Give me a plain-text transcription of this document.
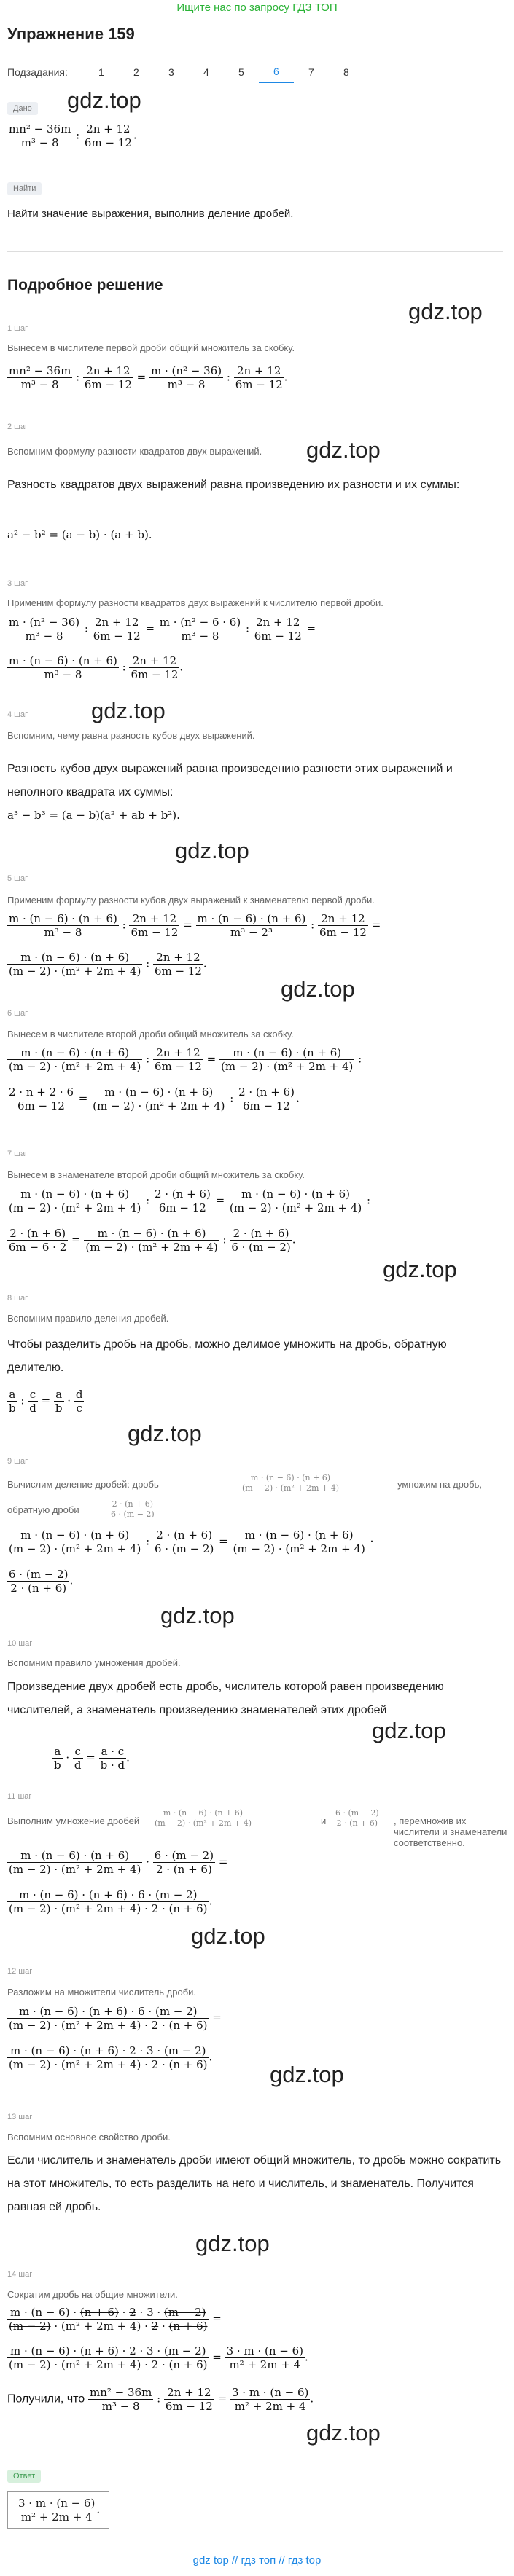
Ищите нас по запросу ГДЗ ТОП
Упражнение 159
Подзадания:	1	2	3	4	5	6	7	8
gdz.top
Дано
$\frac{\text{mn² − 36m}}{\text{m³ − 8}}$ : $\frac{2n + 12}{6m - 12}$ .
Найти
Найти значение выражения, выполнив деление дробей.
Подробное решение
gdz.top
1 шаг
Вынесем в числителе первой дроби общий множитель за скобку.
$\frac{\text{mn² − 36m}}{\text{m³ − 8}}$ : $\frac{2n + 12}{6m - 12} = \frac{\text{m · (n² − 36)}}{\text{m³ − 8}}$ : $\frac{2n + 12}{6m - 12}$ .
2 шаг
Вспомним формулу разности квадратов двух выражений.	gdz.top
Разность квадратов двух выражений равна произведению их разности и их суммы:
a² − b² = (a − b) · (a + b).
3 шаг
Применим формулу разности квадратов двух выражений к числителю первой дроби.
$\frac{\text{m · (n² − 36)}}{\text{m³ − 8}}$ : $\frac{2n + 12}{6m - 12} = \frac{\text{m · (n² − 6 · 6)}}{\text{m³ − 8}}$ : $\frac{2n + 12}{6m - 12}$ =
$\frac{m \cdot (n - 6) \cdot (n + 6)}{\text{m³ − 8}}$ : $\frac{2n + 12}{6m - 12}$ .
4 шаг	gdz.top
Вспомним, чему равна разность кубов двух выражений.
Разность кубов двух выражений равна произведению разности этих выражений и неполного квадрата их суммы:
a³ − b³ = (a − b)(a² + ab + b²).
gdz.top
5 шаг
Применим формулу разности кубов двух выражений к знаменателю первой дроби.
$\frac{m \cdot (n - 6) \cdot (n + 6)}{\text{m³ − 8}}$ : $\frac{2n + 12}{6m - 12} = \frac{m \cdot (n - 6) \cdot (n + 6)}{\text{m³ − 2³}}$ : $\frac{2n + 12}{6m - 12}$ =
$\frac{m \cdot (n - 6) \cdot (n + 6)}{\text{(m − 2) · (m² + 2m + 4)}}$ : $\frac{2n + 12}{6m - 12}$ .
gdz.top
6 шаг
Вынесем в числителе второй дроби общий множитель за скобку.
$\frac{m \cdot (n - 6) \cdot (n + 6)}{\text{(m − 2) · (m² + 2m + 4)}}$ : $\frac{2n + 12}{6m - 12} = \frac{m \cdot (n - 6) \cdot (n + 6)}{\text{(m − 2) · (m² + 2m + 4)}}$ :
$\frac{2 \cdot n + 2 \cdot 6}{6m - 12} = \frac{m \cdot (n - 6) \cdot (n + 6)}{\text{(m − 2) · (m² + 2m + 4)}}$ : $\frac{2 \cdot (n + 6)}{6m - 12}$ .
7 шаг
Вынесем в знаменателе второй дроби общий множитель за скобку.
$\frac{m \cdot (n - 6) \cdot (n + 6)}{\text{(m − 2) · (m² + 2m + 4)}}$ : $\frac{2 \cdot (n + 6)}{6m - 12} = \frac{m \cdot (n - 6) \cdot (n + 6)}{\text{(m − 2) · (m² + 2m + 4)}}$ :
$\frac{2 \cdot (n + 6)}{6m - 6 \cdot 2} = \frac{m \cdot (n - 6) \cdot (n + 6)}{\text{(m − 2) · (m² + 2m + 4)}}$ : $\frac{2 \cdot (n + 6)}{6 \cdot (m - 2)}$ .
gdz.top
8 шаг
Вспомним правило деления дробей.
Чтобы разделить дробь на дробь, можно делимое умножить на дробь, обратную делителю.
$\frac{a}{b}$ : $\frac{c}{d} = \frac{a}{b} \cdot \frac{d}{c}$
gdz.top
9 шаг
Вычислим деление дробей: дробь	$\frac{m \cdot (n - 6) \cdot (n + 6)}{\text{(m − 2) · (m² + 2m + 4)}}$	умножим на дробь,
обратную дроби	$\frac{2 \cdot (n + 6)}{6 \cdot (m - 2)}$
$\frac{m \cdot (n - 6) \cdot (n + 6)}{\text{(m − 2) · (m² + 2m + 4)}}$ : $\frac{2 \cdot (n + 6)}{6 \cdot (m - 2)} = \frac{m \cdot (n - 6) \cdot (n + 6)}{\text{(m − 2) · (m² + 2m + 4)}}$ ·
$\frac{6 \cdot (m - 2)}{2 \cdot (n + 6)}$ .
gdz.top
10 шаг
Вспомним правило умножения дробей.
Произведение двух дробей есть дробь, числитель которой равен произведению числителей, а знаменатель произведению знаменателей этих дробей
$\frac{a}{b} \cdot \frac{c}{d} = \frac{a \cdot c}{b \cdot d}$ .
gdz.top
11 шаг
Выполним умножение дробей	$\frac{m \cdot (n - 6) \cdot (n + 6)}{\text{(m − 2) · (m² + 2m + 4)}}$	и $\frac{6 \cdot (m - 2)}{2 \cdot (n + 6)}$ , перемножив их числители и знаменатели соответственно.
$\frac{m \cdot (n - 6) \cdot (n + 6)}{\text{(m − 2) · (m² + 2m + 4)}} \cdot \frac{6 \cdot (m - 2)}{2 \cdot (n + 6)}$ =
$\frac{m \cdot (n - 6) \cdot (n + 6) \cdot 6 \cdot (m - 2)}{\text{(m − 2) · (m² + 2m + 4) · 2 · (n + 6)}}$ .
gdz.top
12 шаг
Разложим на множители числитель дроби.
$\frac{m \cdot (n - 6) \cdot (n + 6) \cdot 6 \cdot (m - 2)}{\text{(m − 2) · (m² + 2m + 4) · 2 · (n + 6)}}$ =
$\frac{m \cdot (n - 6) \cdot (n + 6) \cdot 2 \cdot 3 \cdot (m - 2)}{\text{(m − 2) · (m² + 2m + 4) · 2 · (n + 6)}}$ .
gdz.top
13 шаг
Вспомним основное свойство дроби.
Если числитель и знаменатель дроби имеют общий множитель, то дробь можно сократить на этот множитель, то есть разделить на него и числитель, и знаменатель. Получится равная ей дробь.
gdz.top
14 шаг
Сократим дробь на общие множители.
$\frac{m \cdot (n - 6) \cdot (n + 6) \cdot 2 \cdot 3 \cdot (m - 2)}{\text{(m − 2) · (m² + 2m + 4) · 2 · (n + 6)}}$ =
$\frac{m \cdot (n - 6) \cdot (n + 6) \cdot 2 \cdot 3 \cdot (m - 2)}{\text{(m − 2) · (m² + 2m + 4) · 2 · (n + 6)}} = \frac{3 \cdot m \cdot (n - 6)}{\text{m² + 2m + 4}}$ .
Получили, что $\frac{\text{mn² − 36m}}{\text{m³ − 8}}$ : $\frac{2n + 12}{6m - 12} = \frac{3 \cdot m \cdot (n - 6)}{\text{m² + 2m + 4}}$ .
gdz.top
Ответ
$\frac{3 \cdot m \cdot (n - 6)}{\text{m² + 2m + 4}}$ .
gdz top // гдз топ // гдз top
